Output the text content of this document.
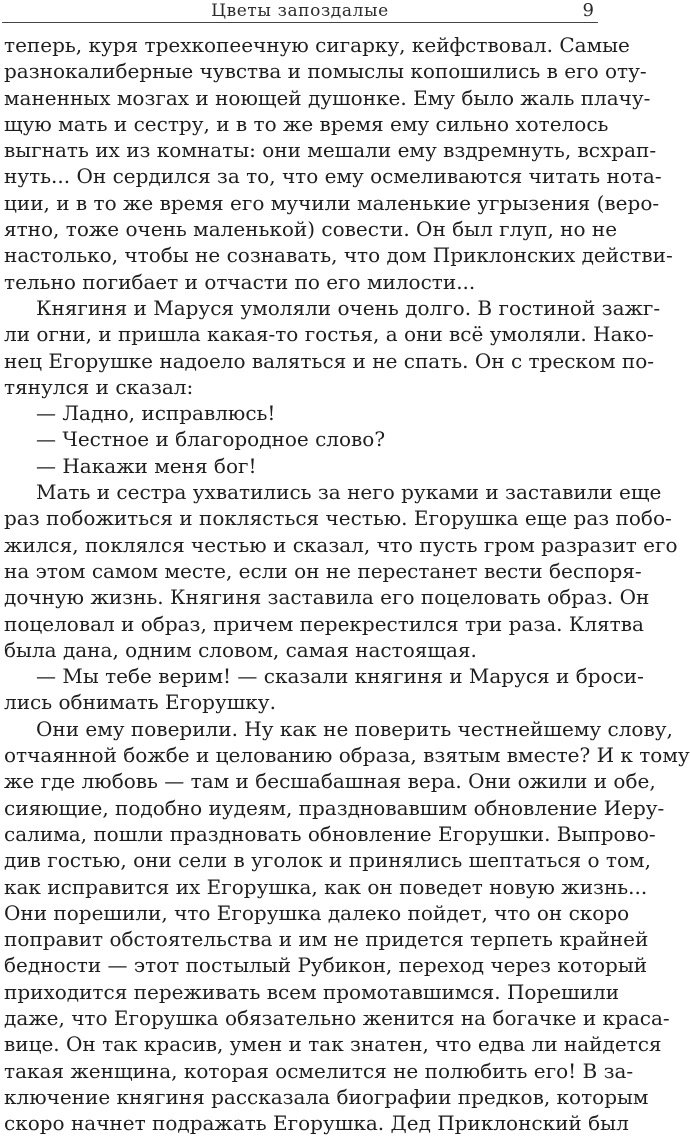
Цветы запоздалые	9
теперь, куря трехкопеечную сигарку, кейфствовал. Самые
разнокалиберные чувства и помыслы копошились в его оту-
маненных мозгах и ноющей душонке. Ему было жаль плачу-
щую мать и сестру, и в то же время ему сильно хотелось
выгнать их из комнаты: они мешали ему вздремнуть, всхрап-
нуть... Он сердился за то, что ему осмеливаются читать нота-
ции, и в то же время его мучили маленькие угрызения (веро-
ятно, тоже очень маленькой) совести. Он был глуп, но не
настолько, чтобы не сознавать, что дом Приклонских действи-
тельно погибает и отчасти по его милости...
Княгиня и Маруся умоляли очень долго. В гостиной зажг-
ли огни, и пришла какая-то гостья, а они всё умоляли. Нако-
нец Егорушке надоело валяться и не спать. Он с треском по-
тянулся и сказал:
— Ладно, исправлюсь!
— Честное и благородное слово?
— Накажи меня бог!
Мать и сестра ухватились за него руками и заставили еще
раз побожиться и поклясться честью. Егорушка еще раз побо-
жился, поклялся честью и сказал, что пусть гром разразит его
на этом самом месте, если он не перестанет вести беспоря-
дочную жизнь. Княгиня заставила его поцеловать образ. Он
поцеловал и образ, причем перекрестился три раза. Клятва
была дана, одним словом, самая настоящая.
— Мы тебе верим! — сказали княгиня и Маруся и броси-
лись обнимать Егорушку.
Они ему поверили. Ну как не поверить честнейшему слову,
отчаянной божбе и целованию образа, взятым вместе? И к тому
же где любовь — там и бесшабашная вера. Они ожили и обе,
сияющие, подобно иудеям, праздновавшим обновление Иеру-
салима, пошли праздновать обновление Егорушки. Выпрово-
див гостью, они сели в уголок и принялись шептаться о том,
как исправится их Егорушка, как он поведет новую жизнь...
Они порешили, что Егорушка далеко пойдет, что он скоро
поправит обстоятельства и им не придется терпеть крайней
бедности — этот постылый Рубикон, переход через который
приходится переживать всем промотавшимся. Порешили
даже, что Егорушка обязательно женится на богачке и краса-
вице. Он так красив, умен и так знатен, что едва ли найдется
такая женщина, которая осмелится не полюбить его! В за-
ключение княгиня рассказала биографии предков, которым
скоро начнет подражать Егорушка. Дед Приклонский был
